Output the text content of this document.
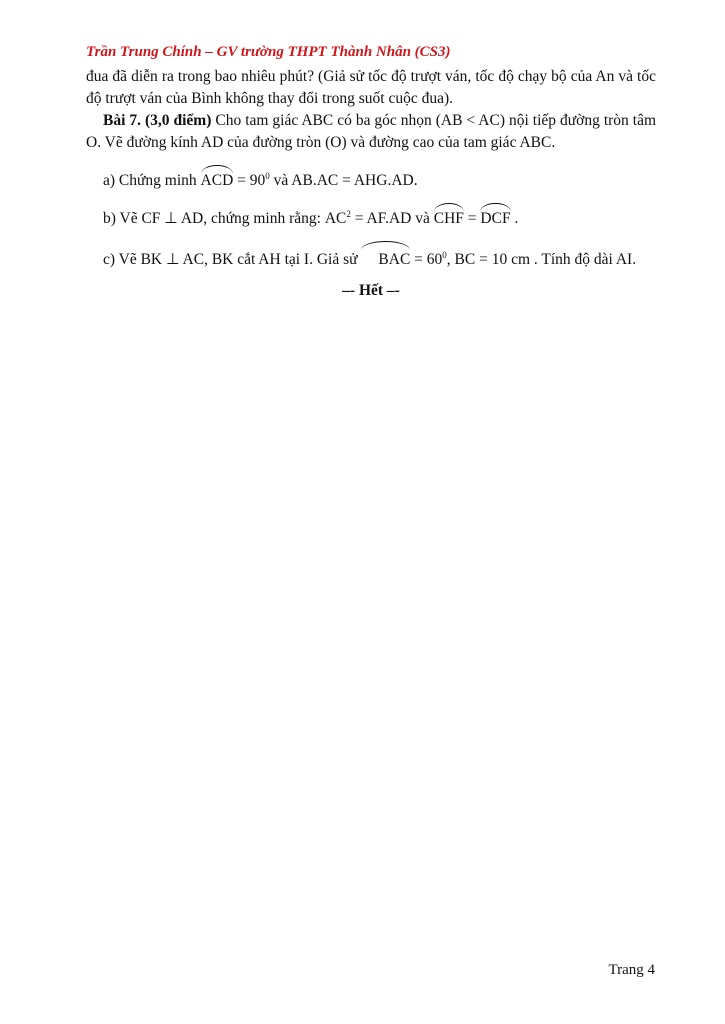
Trần Trung Chính – GV trường THPT Thành Nhân (CS3)

đua đã diễn ra trong bao nhiêu phút? (Giả sử tốc độ trượt ván, tốc độ chạy bộ của An và tốc độ trượt ván của Bình không thay đổi trong suốt cuộc đua).

Bài 7. (3,0 điểm) Cho tam giác ABC có ba góc nhọn (AB < AC) nội tiếp đường tròn tâm O. Vẽ đường kính AD của đường tròn (O) và đường cao của tam giác ABC.

a) Chứng minh ACD = $90^0$ và AB.AC = AHG.AD.

b) Vẽ CF ⊥ AD, chứng minh rằng: $AC^2 = AF.AD$ và CHF = DCF .

c) Vẽ BK ⊥ AC, BK cắt AH tại I. Giả sử BAC = $60^0$, BC = 10 cm . Tính độ dài AI.

–- Hết –-
Trang 4
